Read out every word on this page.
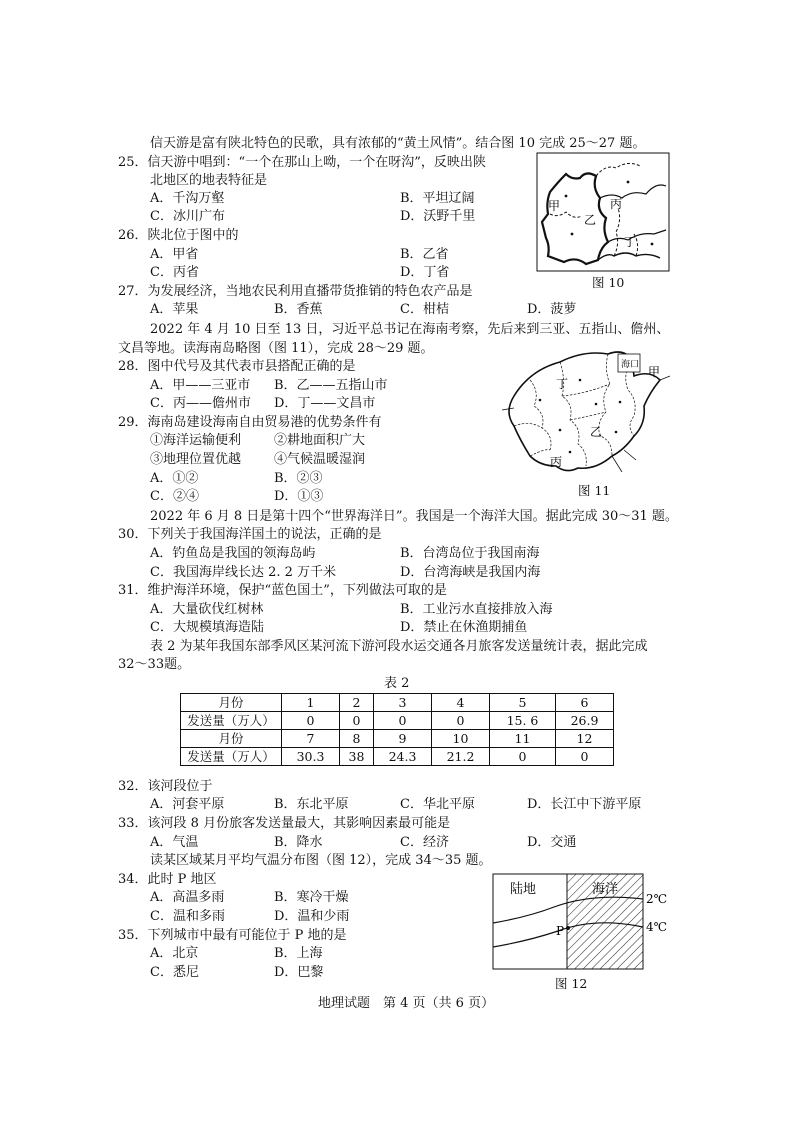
信天游是富有陕北特色的民歌，具有浓郁的“黄土风情”。结合图 10 完成 25～27 题。
25．信天游中唱到：“一个在那山上呦，一个在呀沟”，反映出陕
北地区的地表特征是
A．千沟万壑	B．平坦辽阔
C．冰川广布	D．沃野千里
26．陕北位于图中的
A．甲省	B．乙省
C．丙省	D．丁省
27．为发展经济，当地农民利用直播带货推销的特色农产品是
A．苹果	B．香蕉	C．柑桔	D．菠萝
甲
乙
丙
丁
图 10
2022 年 4 月 10 日至 13 日，习近平总书记在海南考察，先后来到三亚、五指山、儋州、
文昌等地。读海南岛略图（图 11），完成 28～29 题。
28．图中代号及其代表市县搭配正确的是
A．甲——三亚市 B．乙——五指山市
C．丙——儋州市 D．丁——文昌市
29．海南岛建设海南自由贸易港的优势条件有
①海洋运输便利	②耕地面积广大
③地理位置优越	④气候温暖湿润
A．①②	B．②③
C．②④	D．①③
海口
丁
甲
乙
丙
图 11
2022 年 6 月 8 日是第十四个“世界海洋日”。我国是一个海洋大国。据此完成 30～31 题。
30．下列关于我国海洋国土的说法，正确的是
A．钓鱼岛是我国的领海岛屿	B．台湾岛位于我国南海
C．我国海岸线长达 2. 2 万千米	D．台湾海峡是我国内海
31．维护海洋环境，保护“蓝色国土”，下列做法可取的是
A．大量砍伐红树林	B．工业污水直接排放入海
C．大规模填海造陆	D．禁止在休渔期捕鱼
表 2 为某年我国东部季风区某河流下游河段水运交通各月旅客发送量统计表，据此完成
32～33题。
表 2
月份	1	2	3	4	5	6
发送量（万人）	0	0	0	0	15. 6	26.9
月份	7	8	9	10	11	12
发送量（万人）	30.3	38	24.3	21.2	0	0
32．该河段位于
A．河套平原	B．东北平原	C．华北平原	D．长江中下游平原
33．该河段 8 月份旅客发送量最大，其影响因素最可能是
A．气温	B．降水	C．经济	D．交通
读某区域某月平均气温分布图（图 12），完成 34～35 题。
34．此时 P 地区
A．高温多雨	B．寒冷干燥
C．温和多雨	D．温和少雨
35．下列城市中最有可能位于 P 地的是
A．北京	B．上海
C．悉尼	D．巴黎
P
陆地	海洋
2℃
4℃
图 12
地理试题　第 4 页（共 6 页）
